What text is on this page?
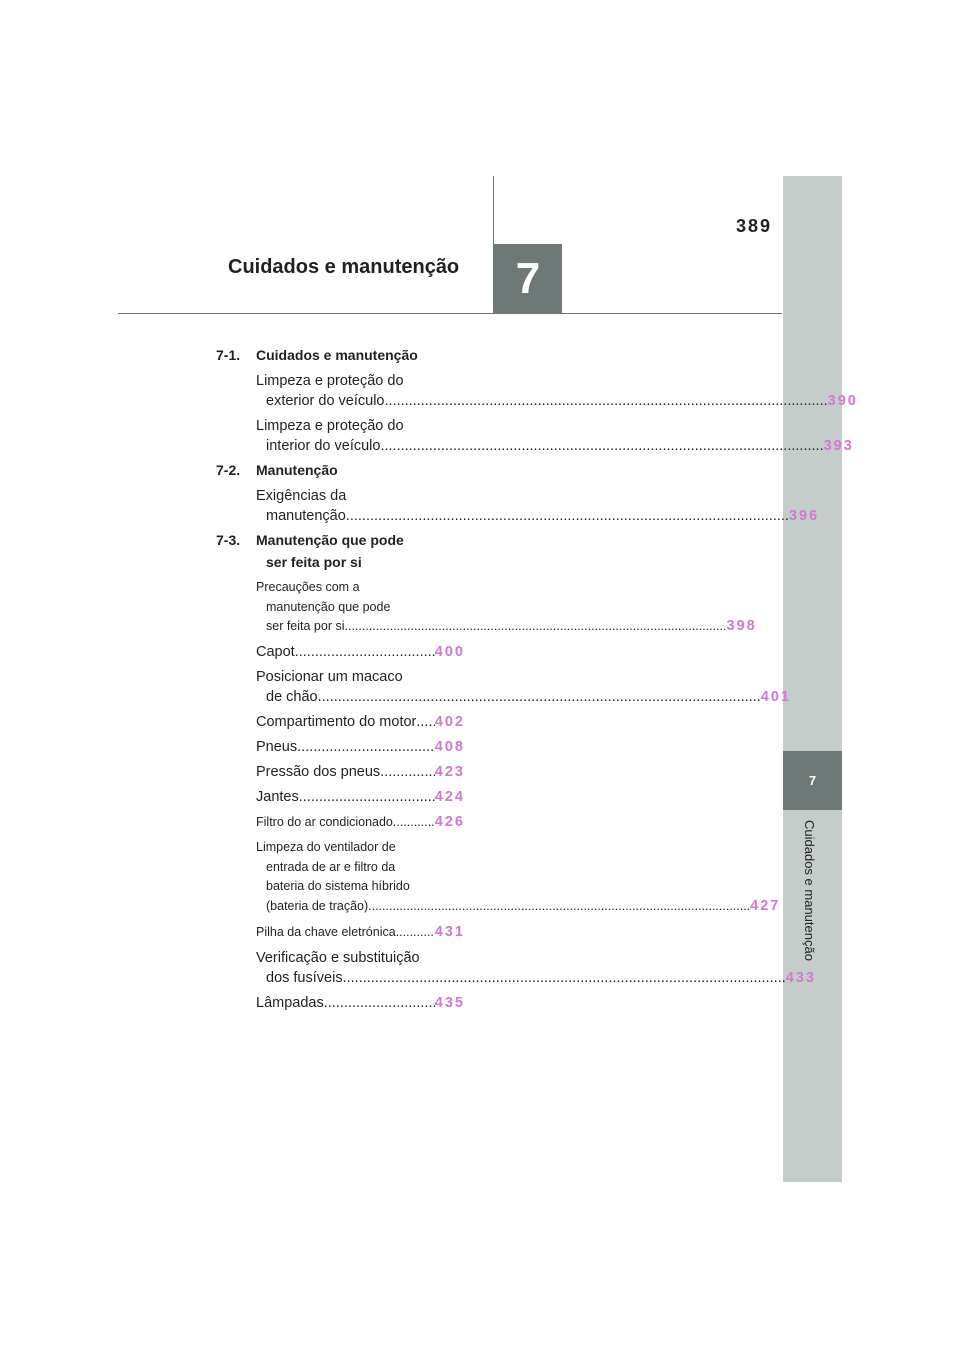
7
Cuidados e manutenção
389
Cuidados e manutenção	7
7-1. Cuidados e manutenção
Limpeza e proteção do
exterior do veículo .....	390
Limpeza e proteção do
interior do veículo .....	393
7-2. Manutenção
Exigências da
manutenção .....	396
7-3. Manutenção que pode
ser feita por si
Precauções com a
manutenção que pode
ser feita por si .....	398
Capot .....	400
Posicionar um macaco
de chão .....	401
Compartimento do motor ..... 402
Pneus .....	408
Pressão dos pneus .....	423
Jantes .....	424
Filtro do ar condicionado .....	426
Limpeza do ventilador de
entrada de ar e filtro da
bateria do sistema híbrido
(bateria de tração) .....	427
Pilha da chave eletrónica .....	431
Verificação e substituição
dos fusíveis .....	433
Lâmpadas .....	435
